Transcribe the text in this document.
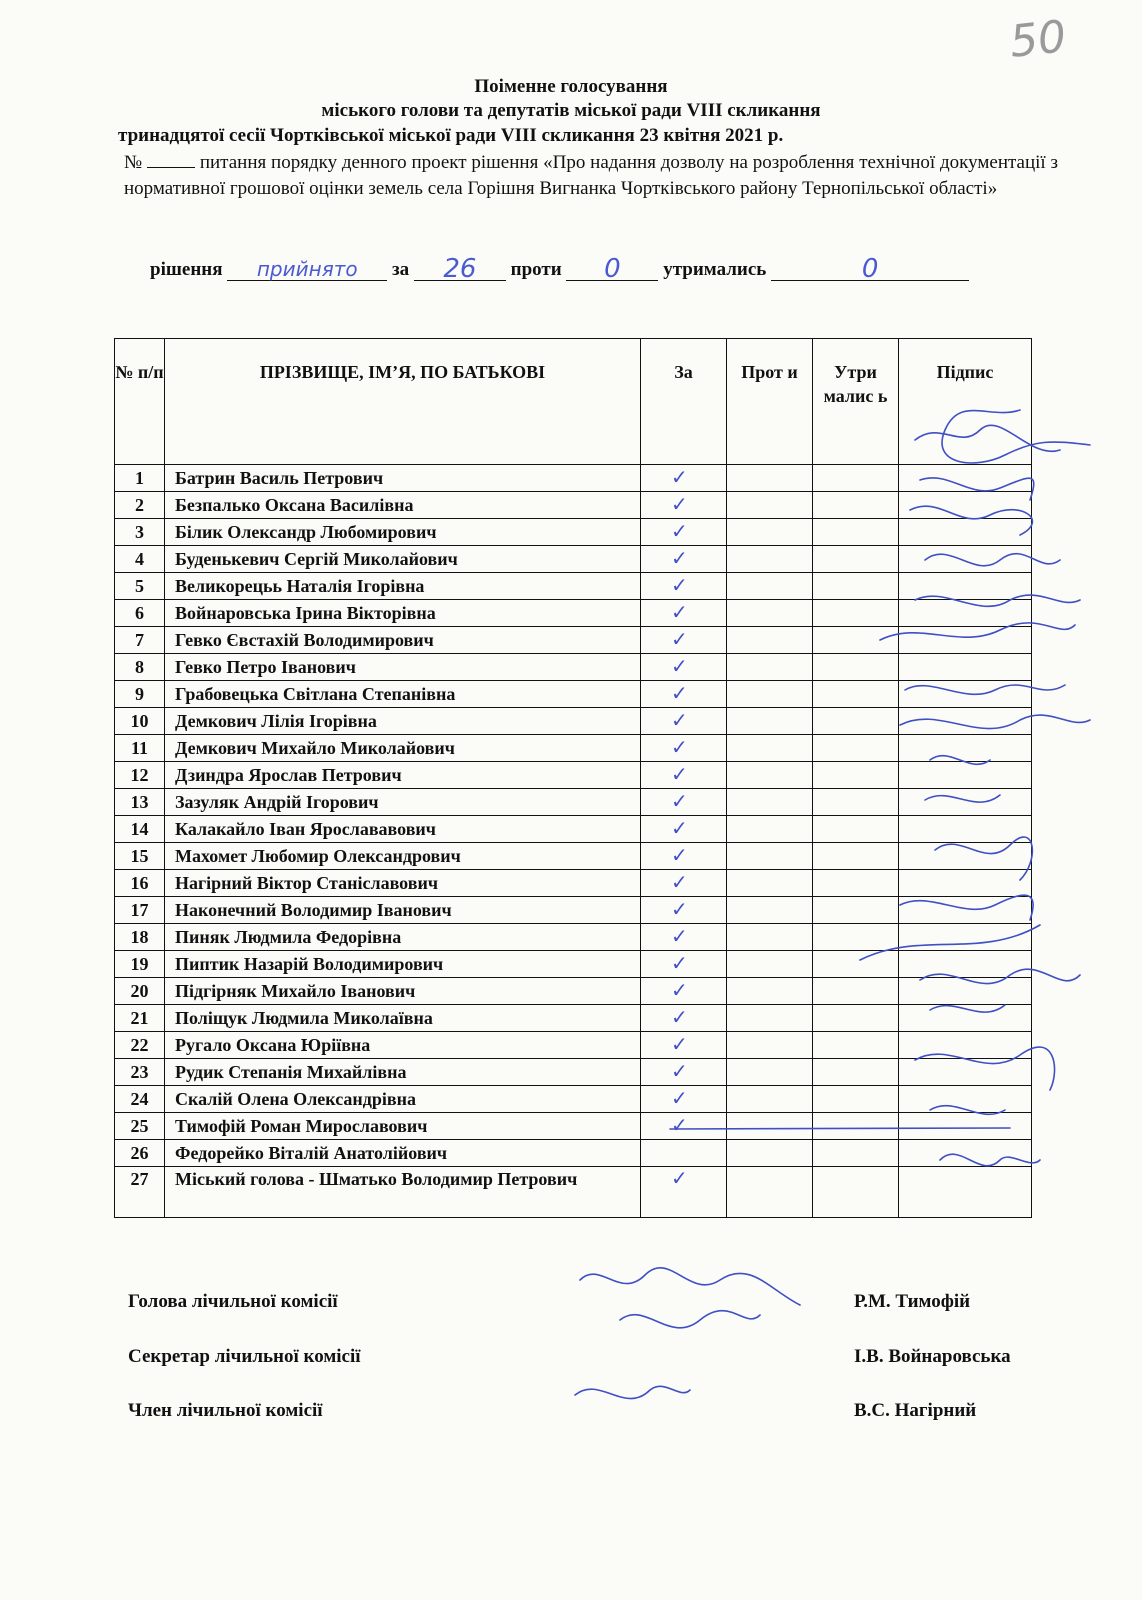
50
Поіменне голосування
міського голови та депутатів міської ради VIII скликання
тринадцятої сесії Чортківської міської ради VIII скликання 23 квітня 2021 р.
№	питання порядку денного проект рішення «Про надання дозволу на розроблення технічної документації з нормативної грошової оцінки земель села Горішня Вигнанка Чортківського району Тернопільської області»
рішення прийнято за 26 проти 0 утримались	0
№ п/п	ПРІЗВИЩЕ, ІМ’Я, ПО БАТЬКОВІ	За	Прот и	Утри малис ь	Підпис
1	Батрин Василь Петрович	✓			
2	Безпалько Оксана Василівна	✓			
3	Білик Олександр Любомирович	✓			
4	Буденькевич Сергій Миколайович	✓			
5	Великорецьь Наталія Ігорівна	✓			
6	Войнаровська Ірина Вікторівна	✓			
7	Гевко Євстахій Володимирович	✓			
8	Гевко Петро Іванович	✓			
9	Грабовецька Світлана Степанівна	✓			
10	Демкович Лілія Ігорівна	✓			
11	Демкович Михайло Миколайович	✓			
12	Дзиндра Ярослав Петрович	✓			
13	Зазуляк Андрій Ігорович	✓			
14	Калакайло Іван Ярослававович	✓			
15	Махомет Любомир Олександрович	✓			
16	Нагірний Віктор Станіславович	✓			
17	Наконечний Володимир Іванович	✓			
18	Пиняк Людмила Федорівна	✓			
19	Пиптик Назарій Володимирович	✓			
20	Підгірняк Михайло Іванович	✓			
21	Поліщук Людмила Миколаївна	✓			
22	Ругало Оксана Юріївна	✓			
23	Рудик Степанія Михайлівна	✓			
24	Скалій Олена Олександрівна	✓			
25	Тимофій Роман Мирославович	✓			
26	Федорейко Віталій Анатолійович				
27	Міський голова - Шматько Володимир Петрович	✓			
Голова лічильної комісії	Р.М. Тимофій
Секретар лічильної комісії	І.В. Войнаровська
Член лічильної комісії	В.С. Нагірний
